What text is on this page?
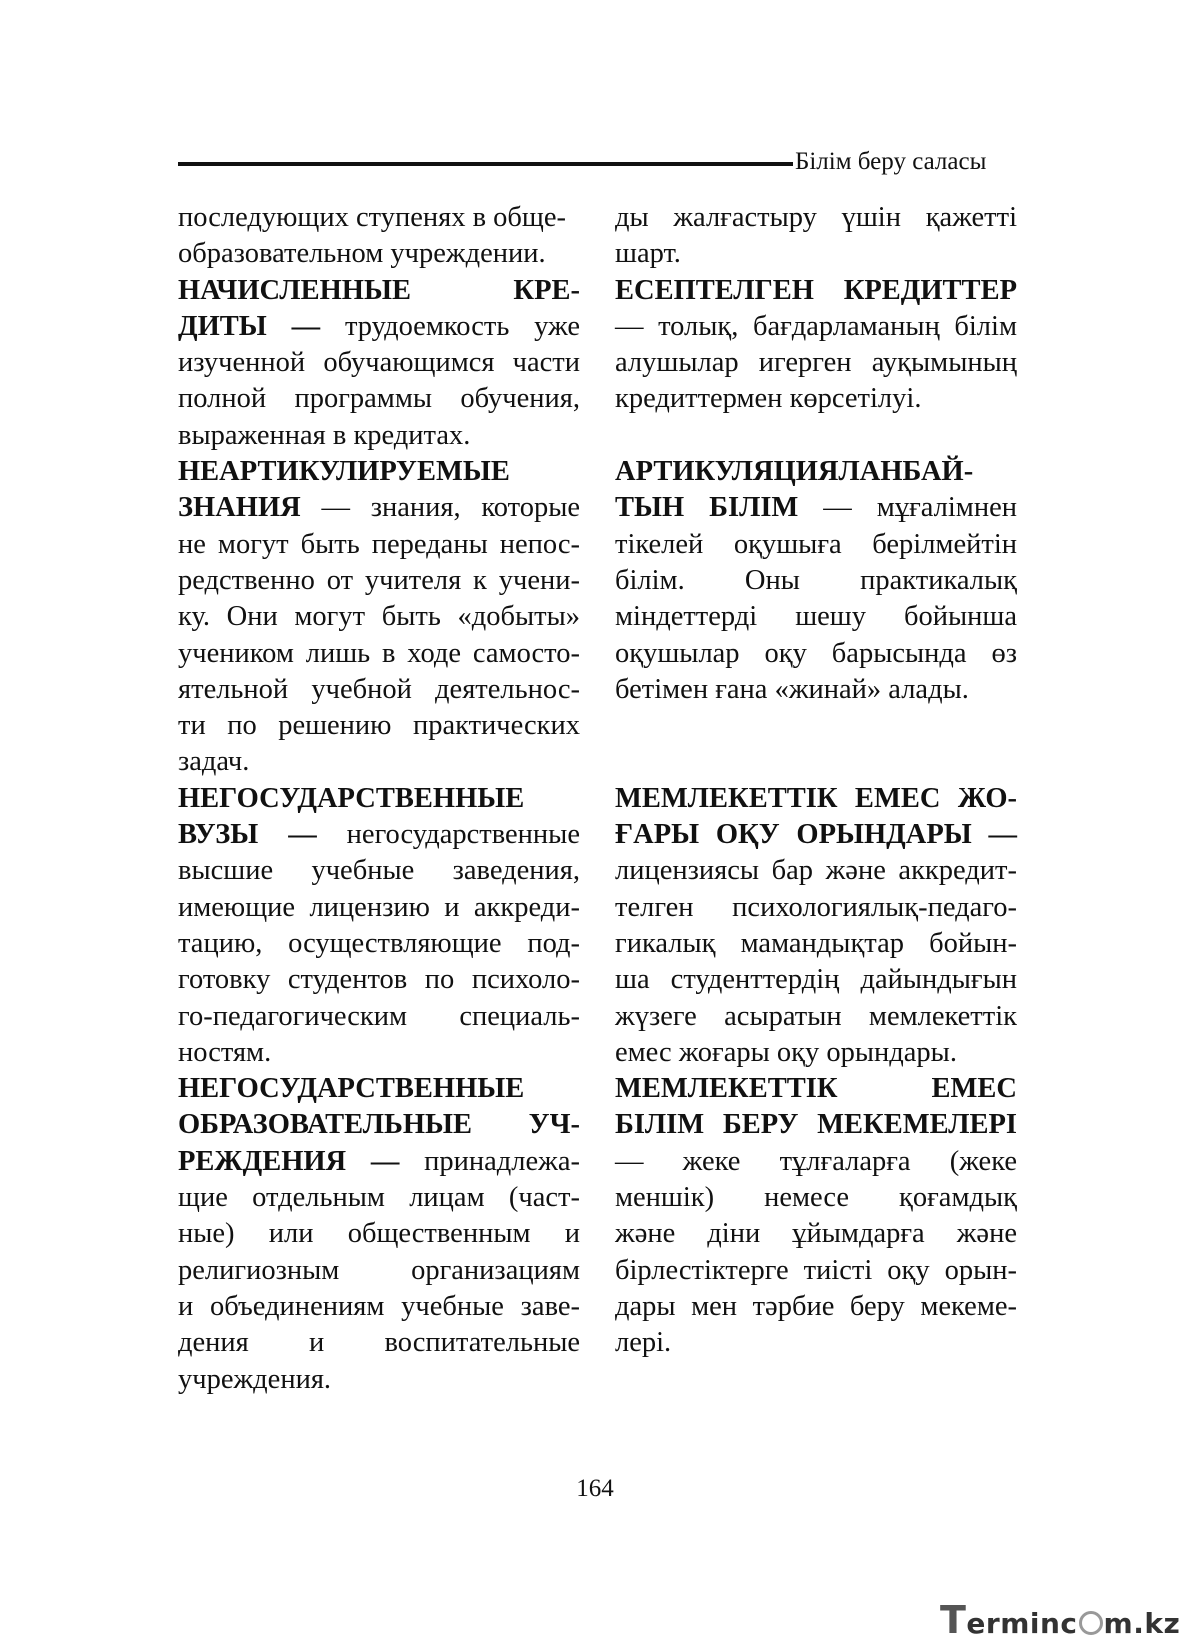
Білім беру саласы
последующих ступенях в обще-
образовательном учреждении.
НАЧИСЛЕННЫЕ КРЕ-
ДИТЫ — трудоемкость уже
изученной обучающимся части
полной программы обучения,
выраженная в кредитах.
НЕАРТИКУЛИРУЕМЫЕ
ЗНАНИЯ — знания, которые
не могут быть переданы непос-
редственно от учителя к учени-
ку. Они могут быть «добыты»
учеником лишь в ходе самосто-
ятельной учебной деятельнос-
ти по решению практических
задач.
НЕГОСУДАРСТВЕННЫЕ
ВУЗЫ — негосударственные
высшие учебные заведения,
имеющие лицензию и аккреди-
тацию, осуществляющие под-
готовку студентов по психоло-
го-педагогическим специаль-
ностям.
НЕГОСУДАРСТВЕННЫЕ
ОБРАЗОВАТЕЛЬНЫЕ УЧ-
РЕЖДЕНИЯ — принадлежа-
щие отдельным лицам (част-
ные) или общественным и
религиозным организациям
и объединениям учебные заве-
дения и воспитательные
учреждения.
ды жалғастыру үшін қажетті
шарт.
ЕСЕПТЕЛГЕН КРЕДИТТЕР
— толық, бағдарламаның білім
алушылар игерген ауқымының
кредиттермен көрсетілуі.
АРТИКУЛЯЦИЯЛАНБАЙ-
ТЫН БІЛІМ — мұғалімнен
тікелей оқушыға берілмейтін
білім. Оны практикалық
міндеттерді шешу бойынша
оқушылар оқу барысында өз
бетімен ғана «жинай» алады.
МЕМЛЕКЕТТІК ЕМЕС ЖО-
ҒАРЫ ОҚУ ОРЫНДАРЫ —
лицензиясы бар және аккредит-
телген психологиялық-педаго-
гикалық мамандықтар бойын-
ша студенттердің дайындығын
жүзеге асыратын мемлекеттік
емес жоғары оқу орындары.
МЕМЛЕКЕТТІК ЕМЕС
БІЛІМ БЕРУ МЕКЕМЕЛЕРІ
— жеке тұлғаларға (жеке
меншік) немесе қоғамдық
және діни ұйымдарға және
бірлестіктерге тиісті оқу орын-
дары мен тәрбие беру мекеме-
лері.
164
Terminc m.kz
